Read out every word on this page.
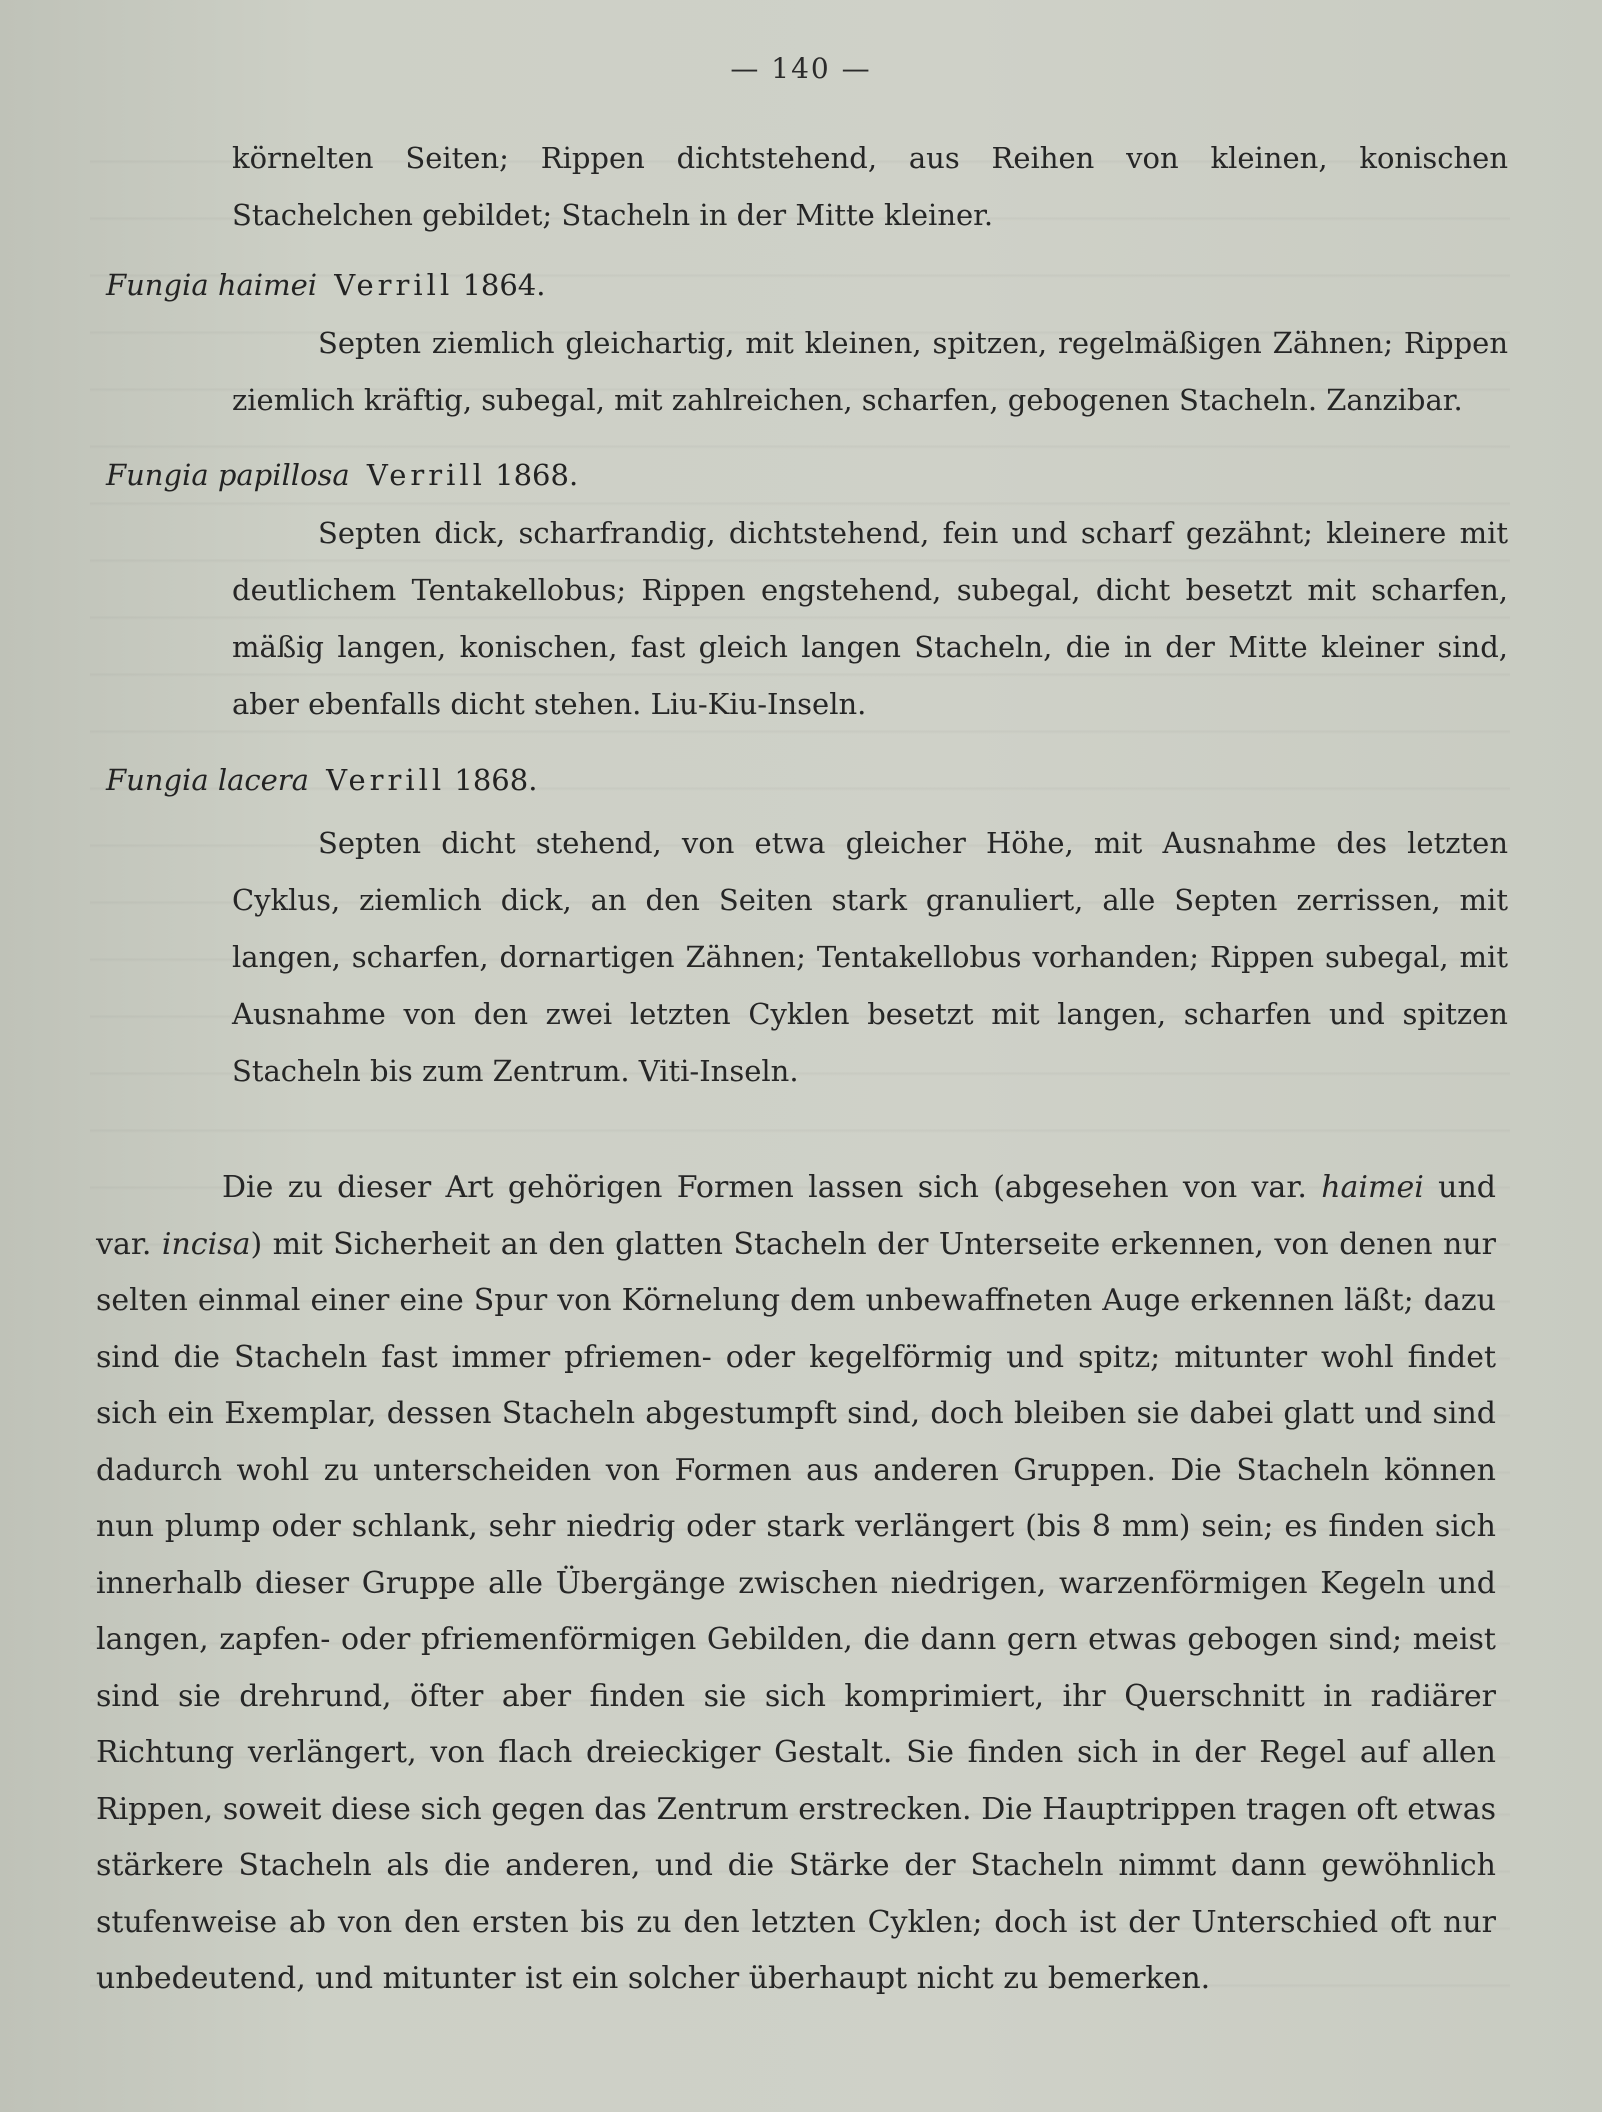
— 140 —
körnelten Seiten; Rippen dichtstehend, aus Reihen von kleinen, konischen Stachelchen gebildet; Stacheln in der Mitte kleiner.
Fungia haimei Verrill 1864.
Septen ziemlich gleichartig, mit kleinen, spitzen, regelmäßigen Zähnen; Rippen ziemlich kräftig, subegal, mit zahlreichen, scharfen, gebogenen Stacheln. Zanzibar.
Fungia papillosa Verrill 1868.
Septen dick, scharfrandig, dichtstehend, fein und scharf gezähnt; kleinere mit deutlichem Tentakellobus; Rippen engstehend, subegal, dicht besetzt mit scharfen, mäßig langen, konischen, fast gleich langen Stacheln, die in der Mitte kleiner sind, aber ebenfalls dicht stehen. Liu-Kiu-Inseln.
Fungia lacera Verrill 1868.
Septen dicht stehend, von etwa gleicher Höhe, mit Ausnahme des letzten Cyklus, ziemlich dick, an den Seiten stark granuliert, alle Septen zerrissen, mit langen, scharfen, dornartigen Zähnen; Tentakellobus vorhanden; Rippen subegal, mit Ausnahme von den zwei letzten Cyklen besetzt mit langen, scharfen und spitzen Stacheln bis zum Zentrum. Viti-Inseln.
Die zu dieser Art gehörigen Formen lassen sich (abgesehen von var. haimei und var. incisa) mit Sicherheit an den glatten Stacheln der Unterseite erkennen, von denen nur selten einmal einer eine Spur von Körnelung dem unbewaffneten Auge erkennen läßt; dazu sind die Stacheln fast immer pfriemen- oder kegelförmig und spitz; mitunter wohl findet sich ein Exemplar, dessen Stacheln abgestumpft sind, doch bleiben sie dabei glatt und sind dadurch wohl zu unterscheiden von Formen aus anderen Gruppen. Die Stacheln können nun plump oder schlank, sehr niedrig oder stark verlängert (bis 8 mm) sein; es finden sich innerhalb dieser Gruppe alle Übergänge zwischen niedrigen, warzenförmigen Kegeln und langen, zapfen- oder pfriemenförmigen Gebilden, die dann gern etwas gebogen sind; meist sind sie drehrund, öfter aber finden sie sich komprimiert, ihr Querschnitt in radiärer Richtung verlängert, von flach dreieckiger Gestalt. Sie finden sich in der Regel auf allen Rippen, soweit diese sich gegen das Zentrum erstrecken. Die Hauptrippen tragen oft etwas stärkere Stacheln als die anderen, und die Stärke der Stacheln nimmt dann gewöhnlich stufenweise ab von den ersten bis zu den letzten Cyklen; doch ist der Unterschied oft nur unbedeutend, und mitunter ist ein solcher überhaupt nicht zu bemerken.
